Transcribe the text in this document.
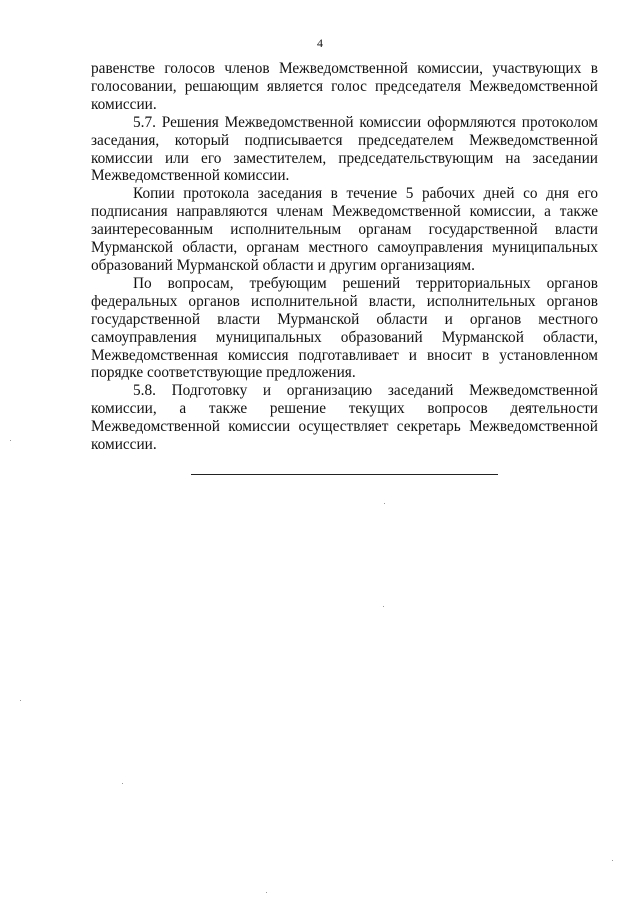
4

равенстве голосов членов Межведомственной комиссии, участвующих в голосовании, решающим является голос председателя Межведомственной комиссии.

5.7. Решения Межведомственной комиссии оформляются протоколом заседания, который подписывается председателем Межведомственной комиссии или его заместителем, председательствующим на заседании Межведомственной комиссии.

Копии протокола заседания в течение 5 рабочих дней со дня его подписания направляются членам Межведомственной комиссии, а также заинтересованным исполнительным органам государственной власти Мурманской области, органам местного самоуправления муниципальных образований Мурманской области и другим организациям.

По вопросам, требующим решений территориальных органов федеральных органов исполнительной власти, исполнительных органов государственной власти Мурманской области и органов местного самоуправления муниципальных образований Мурманской области, Межведомственная комиссия подготавливает и вносит в установленном порядке соответствующие предложения.

5.8. Подготовку и организацию заседаний Межведомственной комиссии, а также решение текущих вопросов деятельности Межведомственной комиссии осуществляет секретарь Межведомственной комиссии.
